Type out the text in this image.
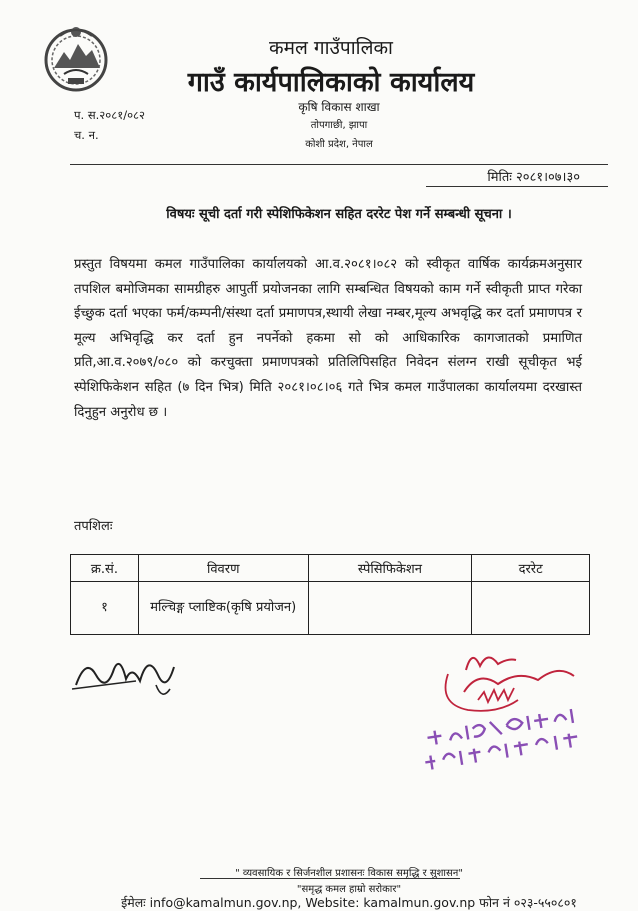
कमल गाउँपालिका
गाउँ कार्यपालिकाको कार्यालय
कृषि विकास शाखा
तोपगाछी, झापा
कोशी प्रदेश, नेपाल
प. स.२०८१/०८२
च. न.
मितिः २०८१।०७।३०
विषयः सूची दर्ता गरी स्पेशिफिकेशन सहित दररेट पेश गर्ने सम्बन्धी सूचना ।
प्रस्तुत विषयमा कमल गाउँपालिका कार्यालयको आ.व.२०८१।०८२ को स्वीकृत वार्षिक कार्यक्रमअनुसार तपशिल बमोजिमका सामग्रीहरु आपुर्ती प्रयोजनका लागि सम्बन्धित विषयको काम गर्ने स्वीकृती प्राप्त गरेका ईच्छुक दर्ता भएका फर्म/कम्पनी/संस्था दर्ता प्रमाणपत्र,स्थायी लेखा नम्बर,मूल्य अभवृद्धि कर दर्ता प्रमाणपत्र र मूल्य अभिवृद्धि कर दर्ता हुन नपर्नेको हकमा सो को आधिकारिक कागजातको प्रमाणित प्रति,आ.व.२०७९/०८० को करचुक्ता प्रमाणपत्रको प्रतिलिपिसहित निवेदन संलग्न राखी सूचीकृत भई स्पेशिफिकेशन सहित (७ दिन भित्र) मिति २०८१।०८।०६ गते भित्र कमल गाउँपालका कार्यालयमा दरखास्त दिनुहुन अनुरोध छ ।
तपशिलः
क्र.सं.	विवरण	स्पेसिफिकेशन	दररेट
१	मल्चिङ्ग प्लाष्टिक(कृषि प्रयोजन)		
" व्यवसायिक र सिर्जनशील प्रशासनः विकास समृद्धि र सुशासन"
"समृद्ध कमल हाम्रो सरोकार"
ईमेलः info@kamalmun.gov.np, Website: kamalmun.gov.np फोन नं ०२३-५५०८०१
